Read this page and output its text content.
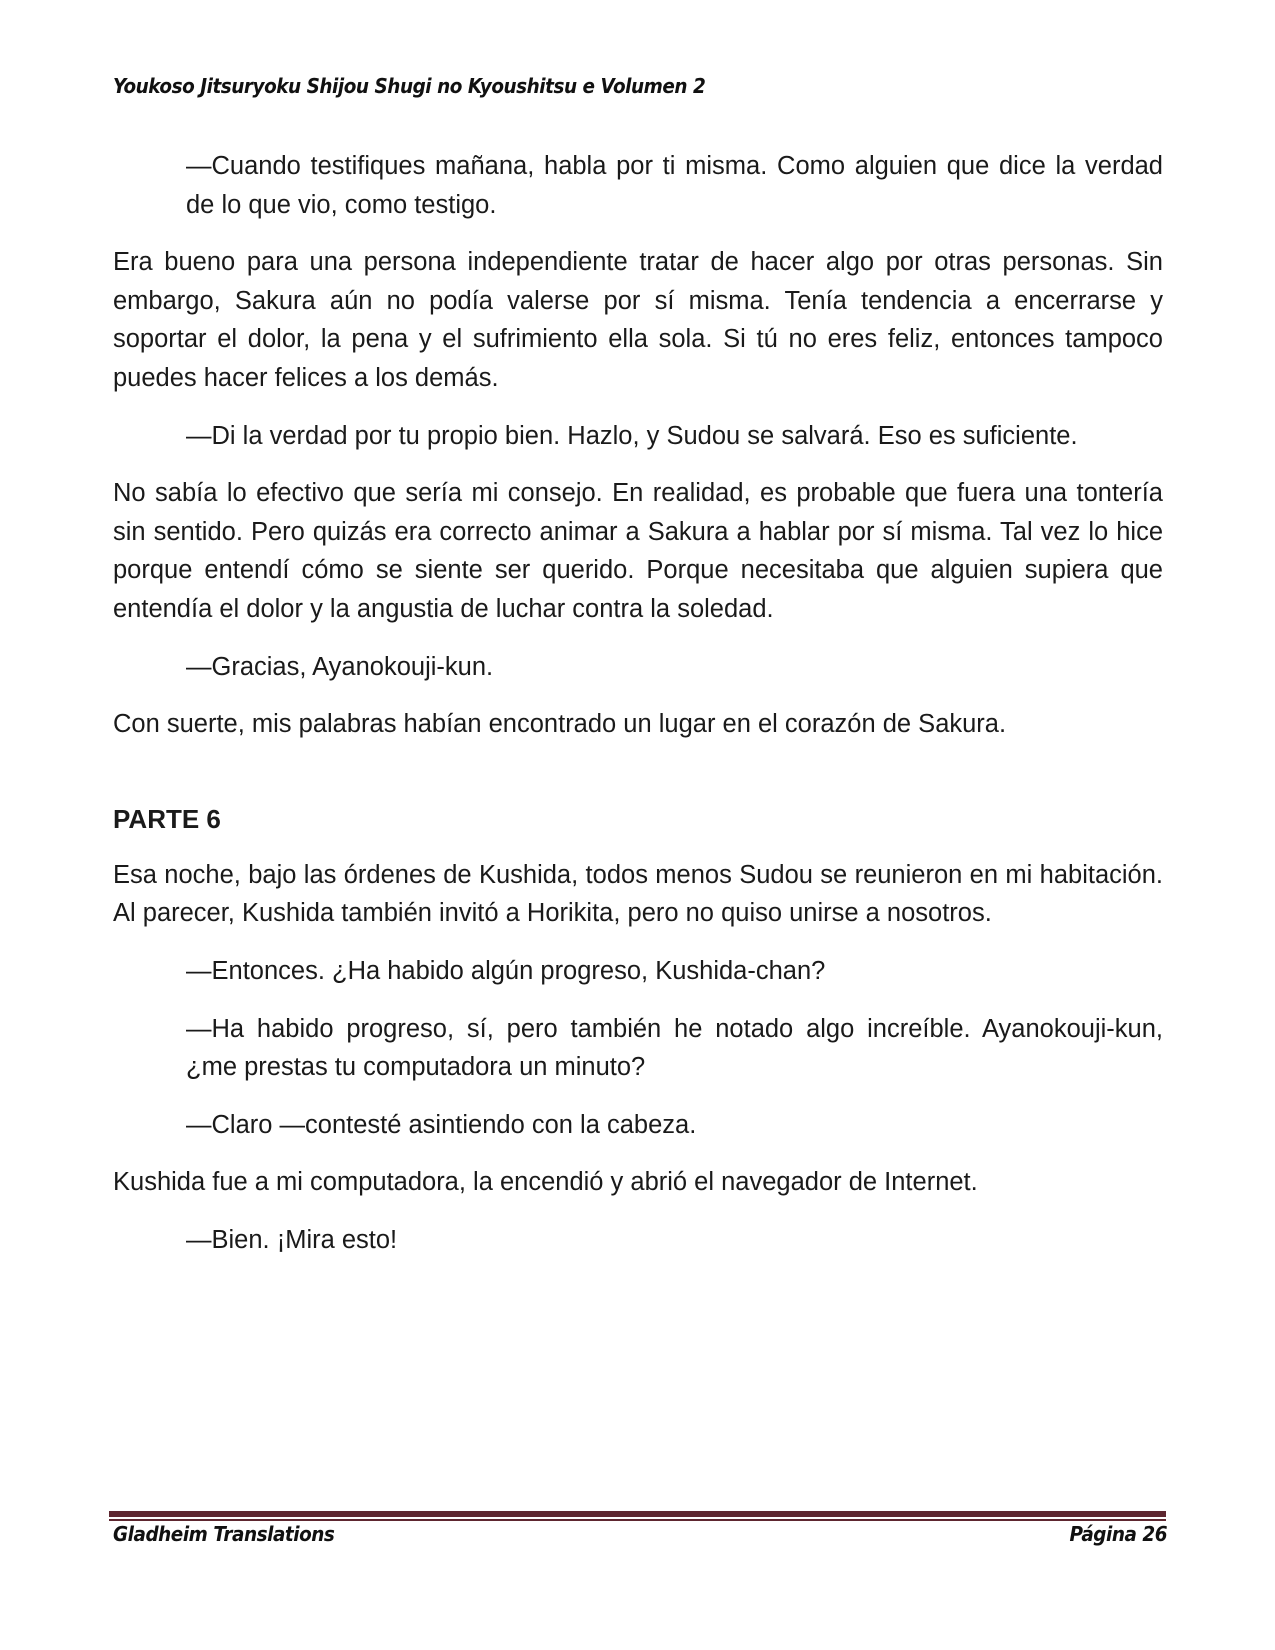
Youkoso Jitsuryoku Shijou Shugi no Kyoushitsu e Volumen 2

—Cuando testifiques mañana, habla por ti misma. Como alguien que dice la verdad de lo que vio, como testigo.

Era bueno para una persona independiente tratar de hacer algo por otras personas. Sin embargo, Sakura aún no podía valerse por sí misma. Tenía tendencia a encerrarse y soportar el dolor, la pena y el sufrimiento ella sola. Si tú no eres feliz, entonces tampoco puedes hacer felices a los demás.

—Di la verdad por tu propio bien. Hazlo, y Sudou se salvará. Eso es suficiente.

No sabía lo efectivo que sería mi consejo. En realidad, es probable que fuera una tontería sin sentido. Pero quizás era correcto animar a Sakura a hablar por sí misma. Tal vez lo hice porque entendí cómo se siente ser querido. Porque necesitaba que alguien supiera que entendía el dolor y la angustia de luchar contra la soledad.

—Gracias, Ayanokouji-kun.

Con suerte, mis palabras habían encontrado un lugar en el corazón de Sakura.

PARTE 6

Esa noche, bajo las órdenes de Kushida, todos menos Sudou se reunieron en mi habitación. Al parecer, Kushida también invitó a Horikita, pero no quiso unirse a nosotros.

—Entonces. ¿Ha habido algún progreso, Kushida-chan?

—Ha habido progreso, sí, pero también he notado algo increíble. Ayanokouji-kun, ¿me prestas tu computadora un minuto?

—Claro —contesté asintiendo con la cabeza.

Kushida fue a mi computadora, la encendió y abrió el navegador de Internet.

—Bien. ¡Mira esto!

Gladheim Translations	Página 26
